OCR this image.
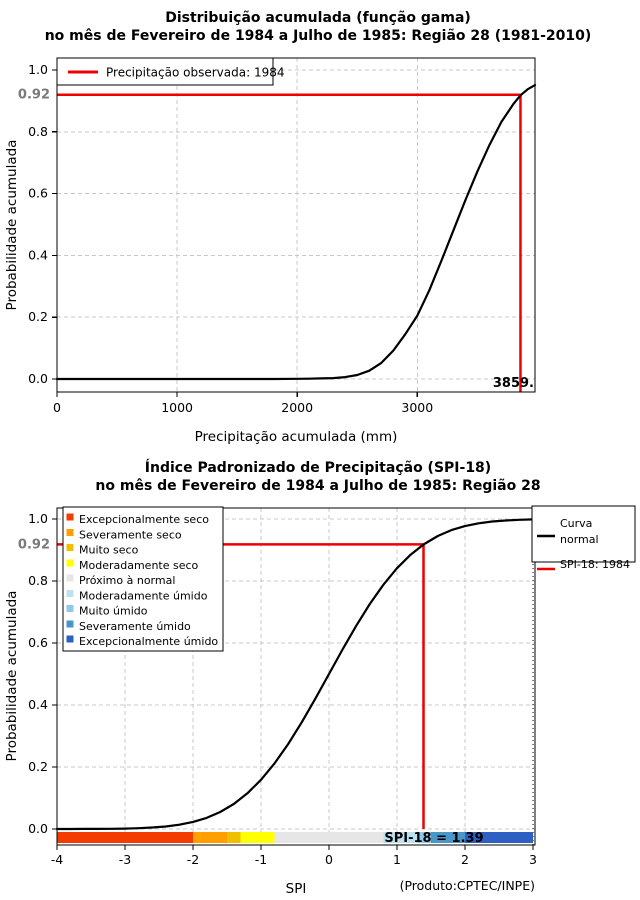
Distribuição acumulada (função gama)
no mês de Fevereiro de 1984 a Julho de 1985: Região 28 (1981-2010)
Precipitação acumulada (mm)
Probabilidade acumulada
0	1000	2000	3000
0.0
0.2
0.4
0.6
0.8
1.0
0.92
3859.
Precipitação observada: 1984
Índice Padronizado de Precipitação (SPI-18)
no mês de Fevereiro de 1984 a Julho de 1985: Região 28
SPI	(Produto:CPTEC/INPE)
Probabilidade acumulada
SPI-18 = 1.39
-4	-3	-2	-1	0	1	2	3
0.0
0.2
0.4
0.6
0.8
1.0
0.92
Excepcionalmente seco
Severamente seco
Muito seco
Moderadamente seco
Próximo à normal
Moderadamente úmido
Muito úmido
Severamente úmido
Excepcionalmente úmido
Curva
normal
SPI-18: 1984
